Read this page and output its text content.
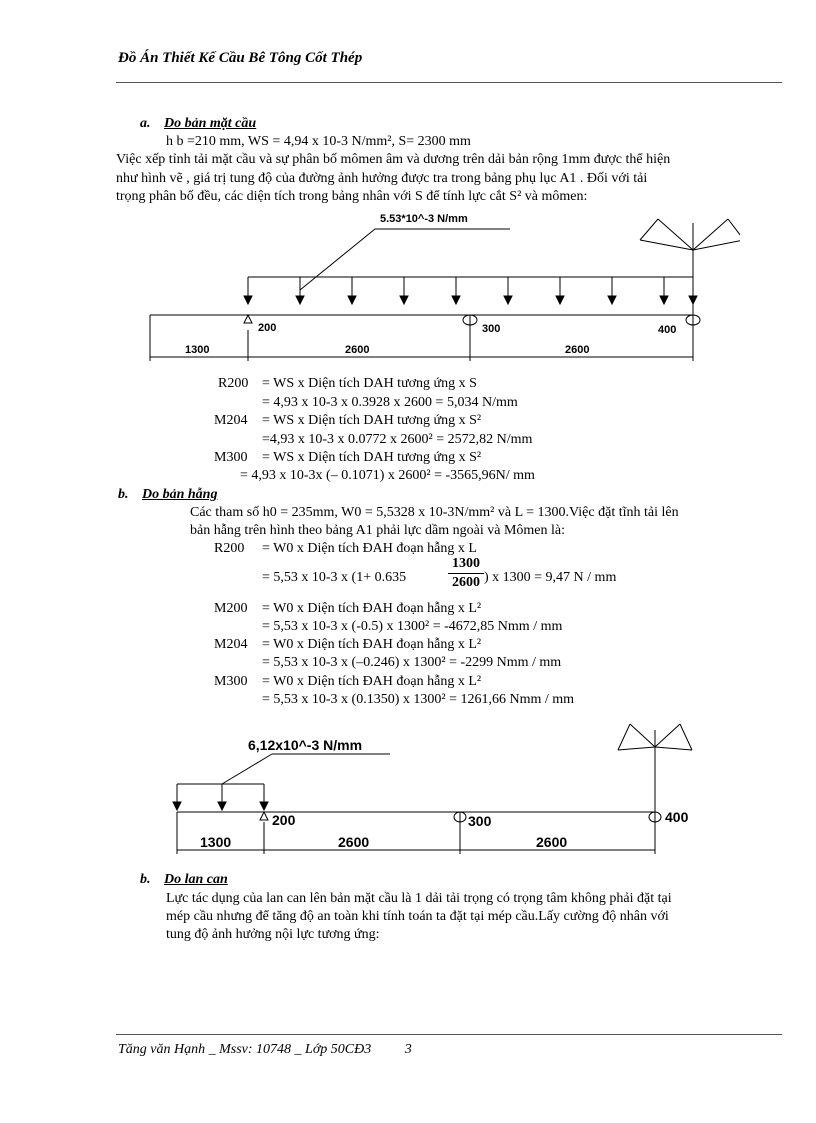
Đồ Án Thiết Kế Cầu Bê Tông Cốt Thép
a. Do bản mặt cầu
h b =210 mm, WS = 4,94 x 10-3 N/mm², S= 2300 mm
Việc xếp tỉnh tải mặt cầu và sự phân bố mômen âm và dương trên dải bản rộng 1mm được thể hiện
như hình vẽ , giá trị tung độ của đường ảnh hưởng được tra trong bảng phụ lục A1 . Đối với tải
trọng phân bố đều, các diện tích trong bảng nhân với S để tính lực cắt S² và mômen:
5.53*10^-3 N/mm
200	300	400
1300	2600	2600
R200 = WS x Diện tích DAH tương ứng x S
= 4,93 x 10-3 x 0.3928 x 2600 = 5,034 N/mm
M204 = WS x Diện tích DAH tương ứng x S²
=4,93 x 10-3 x 0.0772 x 2600² = 2572,82 N/mm
M300 = WS x Diện tích DAH tương ứng x S²
= 4,93 x 10-3x (– 0.1071) x 2600² = -3565,96N/ mm
b. Do bản hẫng
Các tham số h0 = 235mm, W0 = 5,5328 x 10-3N/mm² và L = 1300.Việc đặt tĩnh tải lên
bản hẫng trên hình theo bảng A1 phải lực dầm ngoài và Mômen là:
R200 = W0 x Diện tích ĐAH đoạn hẫng x L
= 5,53 x 10-3 x (1+ 0.635
1300
2600 ) x 1300 = 9,47 N / mm
M200 = W0 x Diện tích ĐAH đoạn hẫng x L²
= 5,53 x 10-3 x (-0.5) x 1300² = -4672,85 Nmm / mm
M204 = W0 x Diện tích ĐAH đoạn hẫng x L²
= 5,53 x 10-3 x (–0.246) x 1300² = -2299 Nmm / mm
M300 = W0 x Diện tích ĐAH đoạn hẫng x L²
= 5,53 x 10-3 x (0.1350) x 1300² = 1261,66 Nmm / mm
6,12x10^-3 N/mm
200	300	400
1300	2600	2600
b. Do lan can
Lực tác dụng của lan can lên bản mặt cầu là 1 dải tải trọng có trọng tâm không phải đặt tại
mép cầu nhưng để tăng độ an toàn khi tính toán ta đặt tại mép cầu.Lấy cường độ nhân với
tung độ ảnh hưởng nội lực tương ứng:
Tăng văn Hạnh _ Mssv: 10748 _ Lớp 50CĐ3 3
